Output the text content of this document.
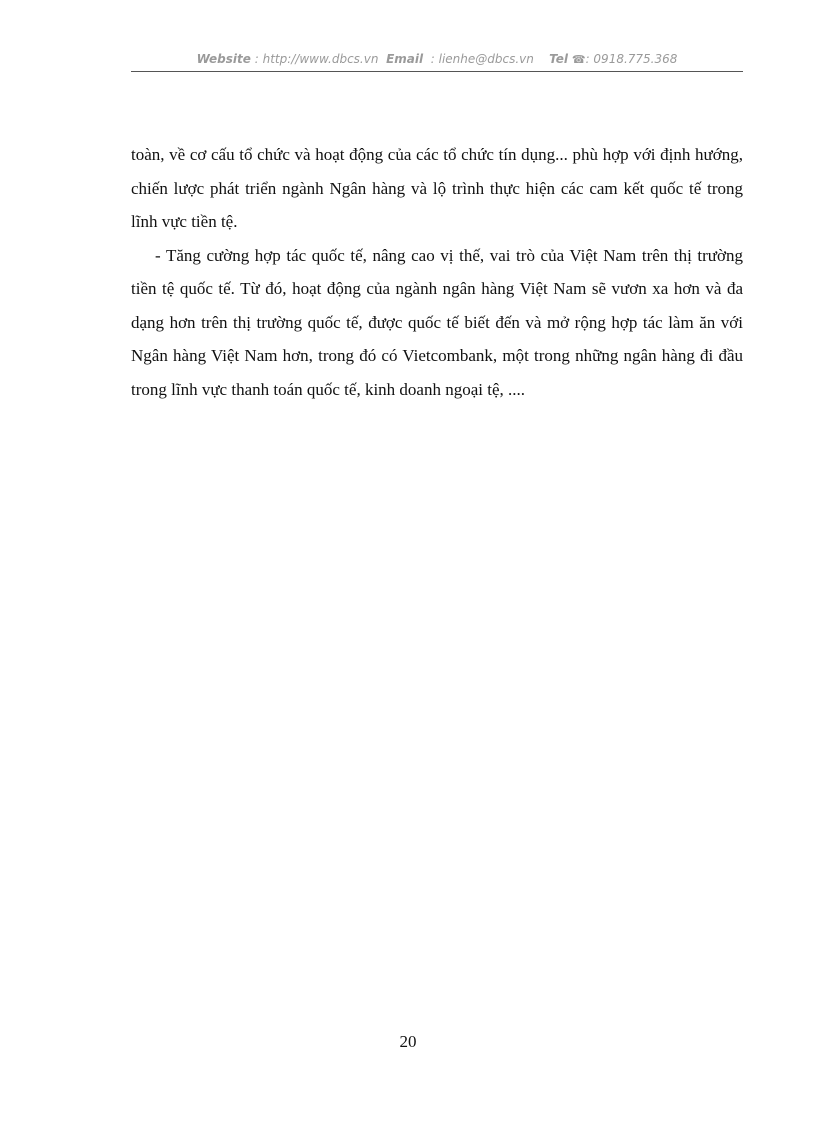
Website : http://www.dbcs.vn Email : lienhe@dbcs.vn Tel ☎: 0918.775.368

toàn, về cơ cấu tổ chức và hoạt động của các tổ chức tín dụng... phù hợp với định hướng, chiến lược phát triển ngành Ngân hàng và lộ trình thực hiện các cam kết quốc tế trong lĩnh vực tiền tệ.

- Tăng cường hợp tác quốc tế, nâng cao vị thế, vai trò của Việt Nam trên thị trường tiền tệ quốc tế. Từ đó, hoạt động của ngành ngân hàng Việt Nam sẽ vươn xa hơn và đa dạng hơn trên thị trường quốc tế, được quốc tế biết đến và mở rộng hợp tác làm ăn với Ngân hàng Việt Nam hơn, trong đó có Vietcombank, một trong những ngân hàng đi đầu trong lĩnh vực thanh toán quốc tế, kinh doanh ngoại tệ, ....

20
